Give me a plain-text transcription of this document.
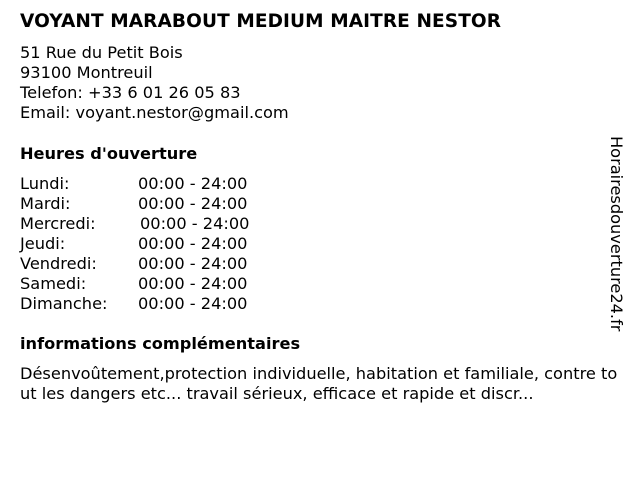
VOYANT MARABOUT MEDIUM MAITRE NESTOR
51 Rue du Petit Bois
93100 Montreuil
Telefon: +33 6 01 26 05 83
Email: voyant.nestor@gmail.com
Heures d'ouverture
Lundi:	00:00 - 24:00
Mardi:	00:00 - 24:00
Mercredi:	00:00 - 24:00
Jeudi:	00:00 - 24:00
Vendredi:	00:00 - 24:00
Samedi:	00:00 - 24:00
Dimanche: 00:00 - 24:00
informations complémentaires
Désenvoûtement,protection individuelle, habitation et familiale, contre tout les dangers etc... travail sérieux, efficace et rapide et discr...
Horairesdouverture24.fr
